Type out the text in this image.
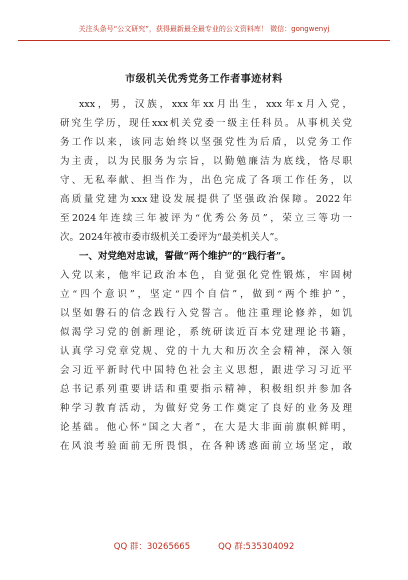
关注头条号“公文研究”，获得最新最全最专业的公文资料库！ 微信：gongwenyj
市级机关优秀党务工作者事迹材料
xxx，男，汉族，xxx年xx月出生，xxx年x月入党，
研究生学历，现任xxx机关党委一级主任科员。从事机关党
务工作以来，该同志始终以坚强党性为后盾，以党务工作
为主责，以为民服务为宗旨，以勤勉廉洁为底线，恪尽职
守、无私奉献、担当作为，出色完成了各项工作任务，以
高质量党建为xxx建设发展提供了坚强政治保障。2022年
至2024年连续三年被评为“优秀公务员”，荣立三等功一
次。2024年被市委市级机关工委评为“最美机关人”。
一、对党绝对忠诚，誓做“两个维护”的“践行者”。
入党以来，他牢记政治本色，自觉强化党性锻炼，牢固树
立“四个意识”，坚定“四个自信”，做到“两个维护”，
以坚如磐石的信念践行入党誓言。他注重理论修养，如饥
似渴学习党的创新理论，系统研读近百本党建理论书籍，
认真学习党章党规、党的十九大和历次全会精神，深入领
会习近平新时代中国特色社会主义思想，跟进学习习近平
总书记系列重要讲话和重要指示精神，积极组织并参加各
种学习教育活动，为做好党务工作奠定了良好的业务及理
论基础。他心怀“国之大者”，在大是大非面前旗帜鲜明，
在风浪考验面前无所畏惧，在各种诱惑面前立场坚定，敢
QQ 群：30265665	QQ 群:535304092
